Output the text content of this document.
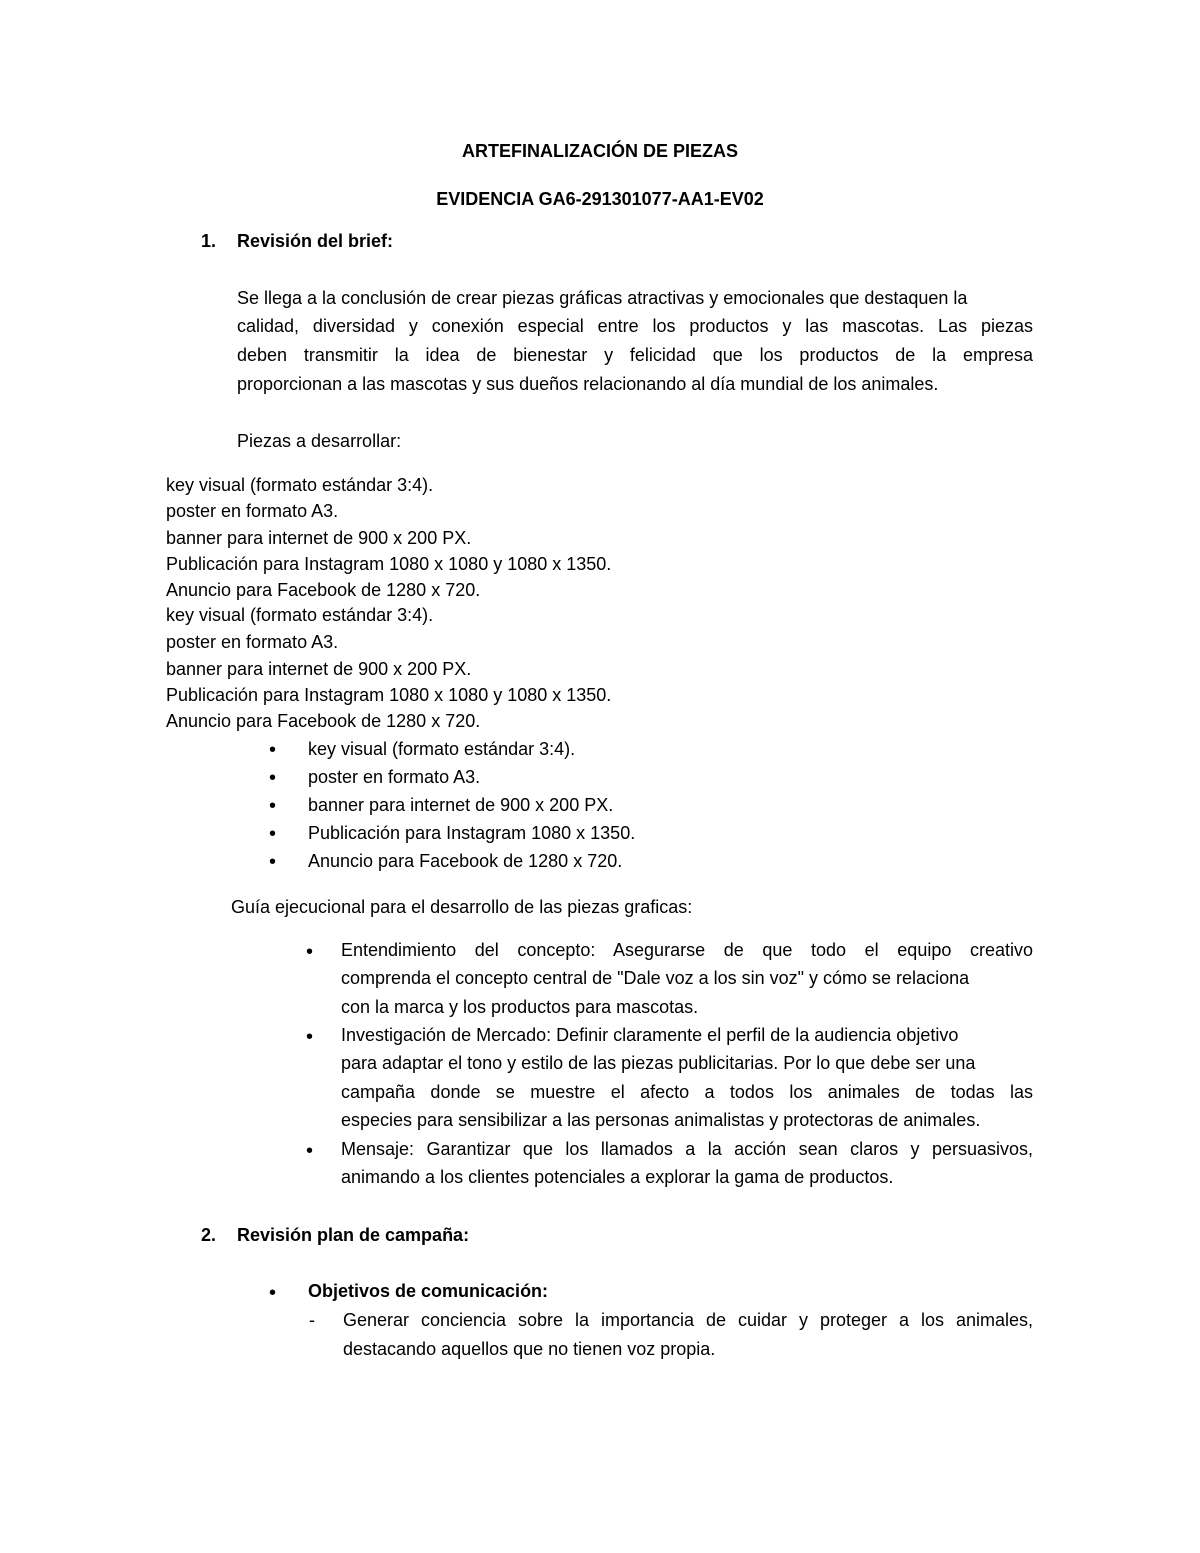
ARTEFINALIZACIÓN DE PIEZAS
EVIDENCIA GA6-291301077-AA1-EV02
1. Revisión del brief:
Se llega a la conclusión de crear piezas gráficas atractivas y emocionales que destaquen la
calidad, diversidad y conexión especial entre los productos y las mascotas. Las piezas
deben transmitir la idea de bienestar y felicidad que los productos de la empresa
proporcionan a las mascotas y sus dueños relacionando al día mundial de los animales.
Piezas a desarrollar:
key visual (formato estándar 3:4).
poster en formato A3.
banner para internet de 900 x 200 PX.
Publicación para Instagram 1080 x 1080 y 1080 x 1350.
Anuncio para Facebook de 1280 x 720.
key visual (formato estándar 3:4).
poster en formato A3.
banner para internet de 900 x 200 PX.
Publicación para Instagram 1080 x 1080 y 1080 x 1350.
Anuncio para Facebook de 1280 x 720.
• key visual (formato estándar 3:4).
• poster en formato A3.
• banner para internet de 900 x 200 PX.
• Publicación para Instagram 1080 x 1350.
• Anuncio para Facebook de 1280 x 720.
Guía ejecucional para el desarrollo de las piezas graficas:
• Entendimiento del concepto: Asegurarse de que todo el equipo creativo
comprenda el concepto central de "Dale voz a los sin voz" y cómo se relaciona
con la marca y los productos para mascotas.
• Investigación de Mercado: Definir claramente el perfil de la audiencia objetivo
para adaptar el tono y estilo de las piezas publicitarias. Por lo que debe ser una
campaña donde se muestre el afecto a todos los animales de todas las
especies para sensibilizar a las personas animalistas y protectoras de animales.
• Mensaje: Garantizar que los llamados a la acción sean claros y persuasivos,
animando a los clientes potenciales a explorar la gama de productos.
2. Revisión plan de campaña:
• Objetivos de comunicación:
- Generar conciencia sobre la importancia de cuidar y proteger a los animales,
destacando aquellos que no tienen voz propia.
